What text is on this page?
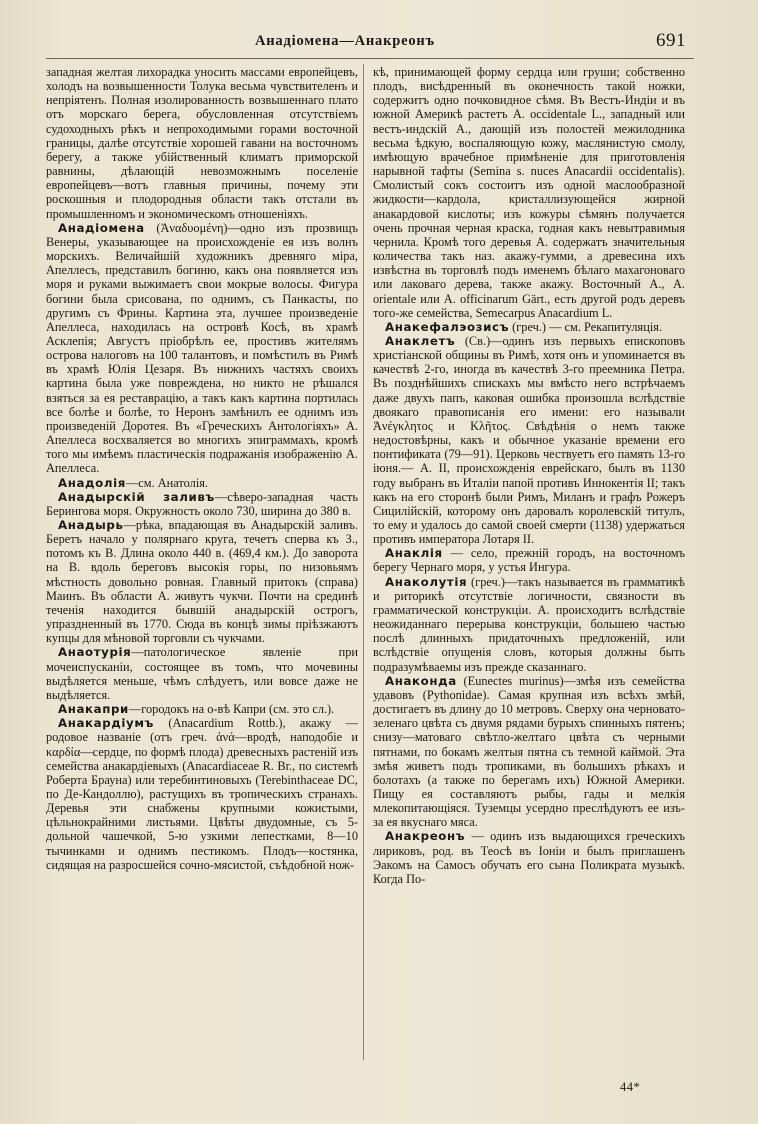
Анадіомена—Анакреонъ	691

западная желтая лихорадка уносить массами европейцевъ, холодъ на возвышенности Толука весьма чувствителенъ и непріятенъ. Полная изолированность возвышеннаго плато отъ морскаго берега, обусловленная отсутствіемъ судоходныхъ рѣкъ и непроходимыми горами восточной границы, далѣе отсутствіе хорошей гавани на восточномъ берегу, а также убійственный климатъ приморской равнины, дѣлающій невозможнымъ поселеніе европейцевъ—вотъ главныя причины, почему эти роскошныя и плодородныя области такъ отстали въ промышленномъ и экономическомъ отношеніяхъ.

Анадіомена (Ἀναδυομένη)—одно изъ прозвищъ Венеры, указывающее на происхожденіе ея изъ волнъ морскихъ. Величайшій художникъ древняго міра, Апеллесъ, представилъ богиню, какъ она появляется изъ моря и руками выжимаетъ свои мокрые волосы. Фигура богини была срисована, по однимъ, съ Панкасты, по другимъ съ Фрины. Картина эта, лучшее произведеніе Апеллеса, находилась на островѣ Косѣ, въ храмѣ Асклепія; Августъ пріобрѣлъ ее, простивъ жителямъ острова налоговъ на 100 талантовъ, и помѣстилъ въ Римѣ въ храмѣ Юлія Цезаря. Въ нижнихъ частяхъ своихъ картина была уже повреждена, но никто не рѣшался взяться за ея реставрацію, а такъ какъ картина портилась все болѣе и болѣе, то Неронъ замѣнилъ ее однимъ изъ произведеній Доротея. Въ «Греческихъ Антологіяхъ» А. Апеллеса восхваляется во многихъ эпиграммахъ, кромѣ того мы имѣемъ пластическія подражанія изображенію А. Апеллеса.

Анадолія—см. Анатолія.

Анадырскій заливъ—сѣверо-западная часть Берингова моря. Окружность около 730, ширина до 380 в.

Анадырь—рѣка, впадающая въ Анадырскій заливъ. Беретъ начало у полярнаго круга, течетъ сперва къ З., потомъ къ В. Длина около 440 в. (469,4 км.). До заворота на В. вдоль береговъ высокія горы, по низовьямъ мѣстность довольно ровная. Главный притокъ (справа) Маинъ. Въ области А. живутъ чукчи. Почти на срединѣ теченія находится бывшій анадырскій острогъ, упраздненный въ 1770. Сюда въ концѣ зимы пріѣзжаютъ купцы для мѣновой торговли съ чукчами.

Анаотурія—патологическое явленіе при мочеиспусканіи, состоящее въ томъ, что мочевины выдѣляется меньше, чѣмъ слѣдуетъ, или вовсе даже не выдѣляется.

Анакапри—городокъ на о-вѣ Капри (см. это сл.).

Анакардіумъ (Anacardium Rottb.), акажу — родовое названіе (отъ греч. ἀνά—вродѣ, наподобіе и καρδία—сердце, по формѣ плода) древесныхъ растеній изъ семейства анакардіевыхъ (Anacardiaceae R. Br., по системѣ Роберта Брауна) или теребинтиновыхъ (Terebinthaceae DC, по Де-Кандоллю), растущихъ въ тропическихъ странахъ. Деревья эти снабжены крупными кожистыми, цѣльнокрайними листьями. Цвѣты двудомные, съ 5-дольной чашечкой, 5-ю узкими лепестками, 8—10 тычинками и однимъ пестикомъ. Плодъ—костянка, сидящая на разросшейся сочно-мясистой, съѣдобной нож-

кѣ, принимающей форму сердца или груши; собственно плодъ, висѣдренный въ оконечность такой ножки, содержитъ одно почковидное сѣмя. Въ Вестъ-Индіи и въ южной Америкѣ растетъ A. occidentale L., западный или вестъ-индскій А., дающій изъ полостей межилодника весьма ѣдкую, воспаляющую кожу, маслянистую смолу, имѣющую врачебное примѣненіе для приготовленія нарывной тафты (Semina s. nuces Anacardii occidentalis). Смолистый сокъ состоитъ изъ одной маслообразной жидкости—кардола, кристаллизующейся жирной анакардовой кислоты; изъ кожуры сѣмянъ получается очень прочная черная краска, годная какъ невытравимыя чернила. Кромѣ того деревья А. содержатъ значительныя количества такъ наз. акажу-гумми, а древесина ихъ извѣстна въ торговлѣ подъ именемъ бѣлаго махагоноваго или лаковаго дерева, также акажу. Восточный А., A. orientale или A. officinarum Gärt., есть другой родъ деревъ того-же семейства, Semecarpus Anacardium L.

Анакефалэозисъ (греч.) — см. Рекапитуляція.

Анаклетъ (Св.)—одинъ изъ первыхъ епископовъ христіанской общины въ Римѣ, хотя онъ и упоминается въ качествѣ 2-го, иногда въ качествѣ 3-го преемника Петра. Въ позднѣйшихъ спискахъ мы вмѣсто него встрѣчаемъ даже двухъ папъ, каковая ошибка произошла вслѣдствіе двоякаго правописанія его имени: его называли Ἀνέγκλητος и Κλῆτος. Свѣдѣнія о немъ также недостовѣрны, какъ и обычное указаніе времени его понтификата (79—91). Церковь чествуетъ его память 13-го іюня.— А. II, происхожденія еврейскаго, былъ въ 1130 году выбранъ въ Италіи папой противъ Иннокентія II; такъ какъ на его сторонѣ были Римъ, Миланъ и графъ Рожеръ Сицилійскій, которому онъ даровалъ королевскій титулъ, то ему и удалось до самой своей смерти (1138) удержаться противъ императора Лотаря II.

Анаклія — село, прежній городъ, на восточномъ берегу Чернаго моря, у устья Ингура.

Анаколутія (греч.)—такъ называется въ грамматикѣ и риторикѣ отсутствіе логичности, связности въ грамматической конструкціи. А. происходитъ вслѣдствіе неожиданнаго перерыва конструкціи, большею частью послѣ длинныхъ придаточныхъ предложеній, или вслѣдствіе опущенія словъ, которыя должны быть подразумѣваемы изъ прежде сказаннаго.

Анаконда (Eunectes murinus)—змѣя изъ семейства удавовъ (Pythonidae). Самая крупная изъ всѣхъ змѣй, достигаетъ въ длину до 10 метровъ. Сверху она черновато-зеленаго цвѣта съ двумя рядами бурыхъ спинныхъ пятенъ; снизу—матоваго свѣтло-желтаго цвѣта съ черными пятнами, по бокамъ желтыя пятна съ темной каймой. Эта змѣя живетъ подъ тропиками, въ большихъ рѣкахъ и болотахъ (а также по берегамъ ихъ) Южной Америки. Пищу ея составляютъ рыбы, гады и мелкія млекопитающіяся. Туземцы усердно преслѣдуютъ ее изъ-за ея вкуснаго мяса.

Анакреонъ — одинъ изъ выдающихся греческихъ лириковъ, род. въ Теосѣ въ Іоніи и былъ приглашенъ Эакомъ на Самосъ обучать его сына Поликрата музыкѣ. Когда По-

44*
